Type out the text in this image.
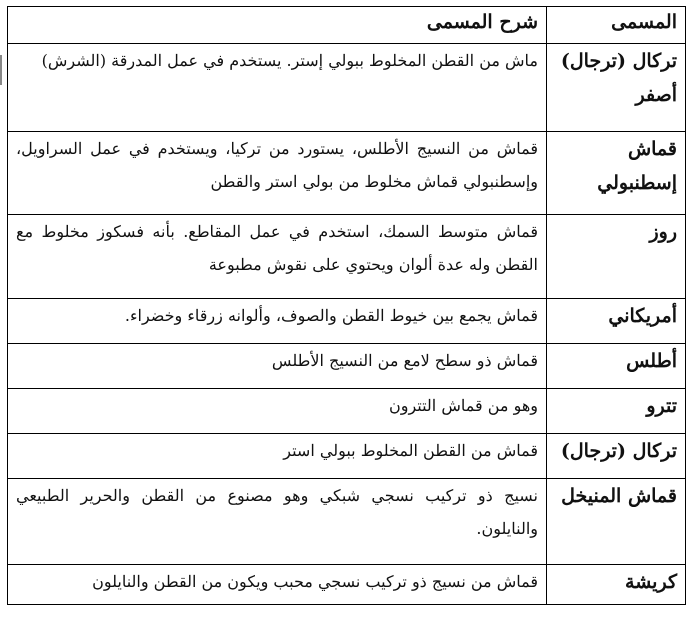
المسمى	شرح المسمى

تركال (ترجال) أصفر	ماش من القطن المخلوط ببولي إستر. يستخدم في عمل المدرقة (الشرش)

قماش إسطنبولي	قماش من النسيج الأطلس، يستورد من تركيا، ويستخدم في عمل السراويل، وإسطنبولي قماش مخلوط من بولي استر والقطن

روز	قماش متوسط السمك، استخدم في عمل المقاطع. بأنه فسكوز مخلوط مع القطن وله عدة ألوان ويحتوي على نقوش مطبوعة

أمريكاني	قماش يجمع بين خيوط القطن والصوف، وألوانه زرقاء وخضراء.

أطلس	قماش ذو سطح لامع من النسيج الأطلس

تترو	وهو من قماش التترون

تركال (ترجال)	قماش من القطن المخلوط ببولي استر

قماش المنيخل	نسيج ذو تركيب نسجي شبكي وهو مصنوع من القطن والحرير الطبيعي والنايلون.

كريشة	قماش من نسيج ذو تركيب نسجي محبب ويكون من القطن والنايلون
